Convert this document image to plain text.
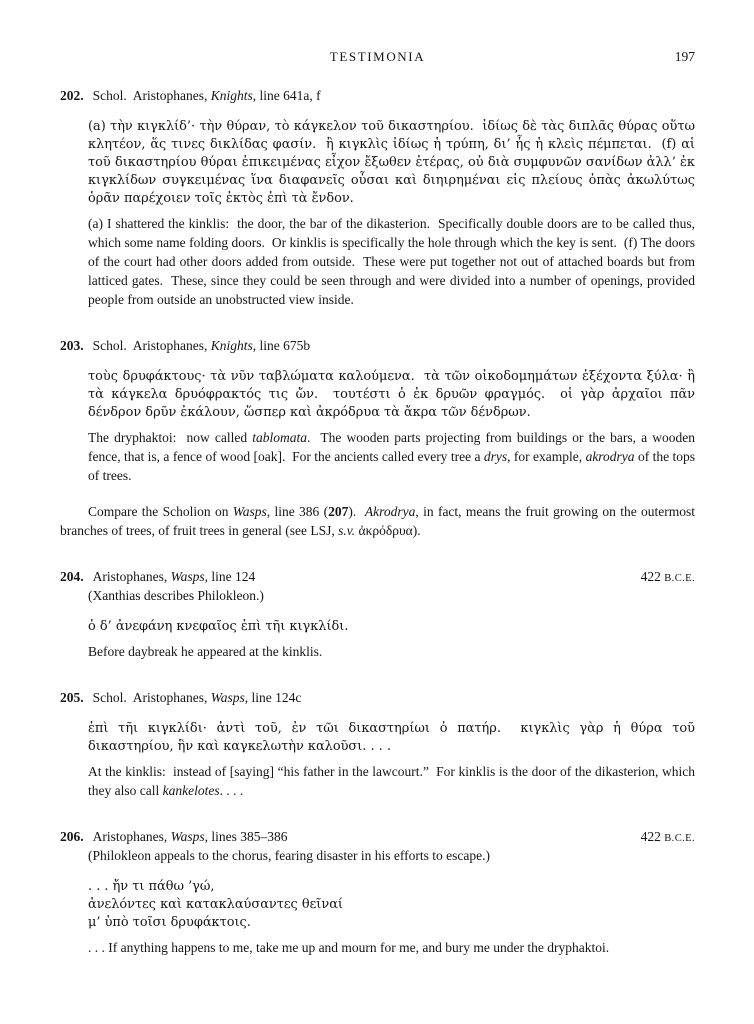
TESTIMONIA	197
202. Schol.  Aristophanes, Knights, line 641a, f

(a) τὴν κιγκλίδ’· τὴν θύραν, τὸ κάγκελον τοῦ δικαστηρίου.  ἰδίως δὲ τὰς διπλᾶς θύρας οὕτω κλητέον, ἅς τινες δικλίδας φασίν.  ἢ κιγκλὶς ἰδίως ἡ τρύπη, δι’ ἧς ἡ κλεὶς πέμπεται.  (f) αἱ τοῦ δικαστηρίου θύραι ἐπικειμένας εἶχον ἔξωθεν ἑτέρας, οὐ διὰ συμφυνῶν σανίδων ἀλλ’ ἐκ κιγκλίδων συγκειμένας ἵνα διαφανεῖς οὖσαι καὶ διηιρημέναι εἰς πλείους ὀπὰς ἀκωλύτως ὁρᾶν παρέχοιεν τοῖς ἐκτὸς ἐπὶ τὰ ἔνδον.

(a) I shattered the kinklis:  the door, the bar of the dikasterion.  Specifically double doors are to be called thus, which some name folding doors.  Or kinklis is specifically the hole through which the key is sent.  (f) The doors of the court had other doors added from outside.  These were put together not out of attached boards but from latticed gates.  These, since they could be seen through and were divided into a number of openings, provided people from outside an unobstructed view inside.

203. Schol.  Aristophanes, Knights, line 675b

τοὺς δρυφάκτους· τὰ νῦν ταβλώματα καλούμενα.  τὰ τῶν οἰκοδομημάτων ἐξέχοντα ξύλα· ἢ τὰ κάγκελα δρυόφρακτός τις ὤν.  τουτέστι ὁ ἐκ δρυῶν φραγμός.  οἱ γὰρ ἀρχαῖοι πᾶν δένδρον δρῦν ἐκάλουν, ὥσπερ καὶ ἀκρόδρυα τὰ ἄκρα τῶν δένδρων.

The dryphaktoi:  now called tablomata.  The wooden parts projecting from buildings or the bars, a wooden fence, that is, a fence of wood [oak].  For the ancients called every tree a drys, for example, akrodrya of the tops of trees.

Compare the Scholion on Wasps, line 386 (207).  Akrodrya, in fact, means the fruit growing on the outermost branches of trees, of fruit trees in general (see LSJ, s.v. ἀκρόδρυα).

204. Aristophanes, Wasps, line 124	422 B.C.E.
(Xanthias describes Philokleon.)

ὁ δ’ ἀνεφάνη κνεφαῖος ἐπὶ τῆι κιγκλίδι.

Before daybreak he appeared at the kinklis.

205. Schol.  Aristophanes, Wasps, line 124c

ἐπὶ τῆι κιγκλίδι· ἀντὶ τοῦ, ἐν τῶι δικαστηρίωι ὁ πατήρ.  κιγκλὶς γὰρ ἡ θύρα τοῦ δικαστηρίου, ἣν καὶ καγκελωτὴν καλοῦσι. . . .

At the kinklis:  instead of [saying] “his father in the lawcourt.”  For kinklis is the door of the dikasterion, which they also call kankelotes. . . .

206. Aristophanes, Wasps, lines 385–386	422 B.C.E.
(Philokleon appeals to the chorus, fearing disaster in his efforts to escape.)
. . . ἤν τι πάθω ’γώ,
ἀνελόντες καὶ κατακλαύσαντες θεῖναί
μ’ ὑπὸ τοῖσι δρυφάκτοις.

. . . If anything happens to me, take me up and mourn for me, and bury me under the dryphaktoi.
